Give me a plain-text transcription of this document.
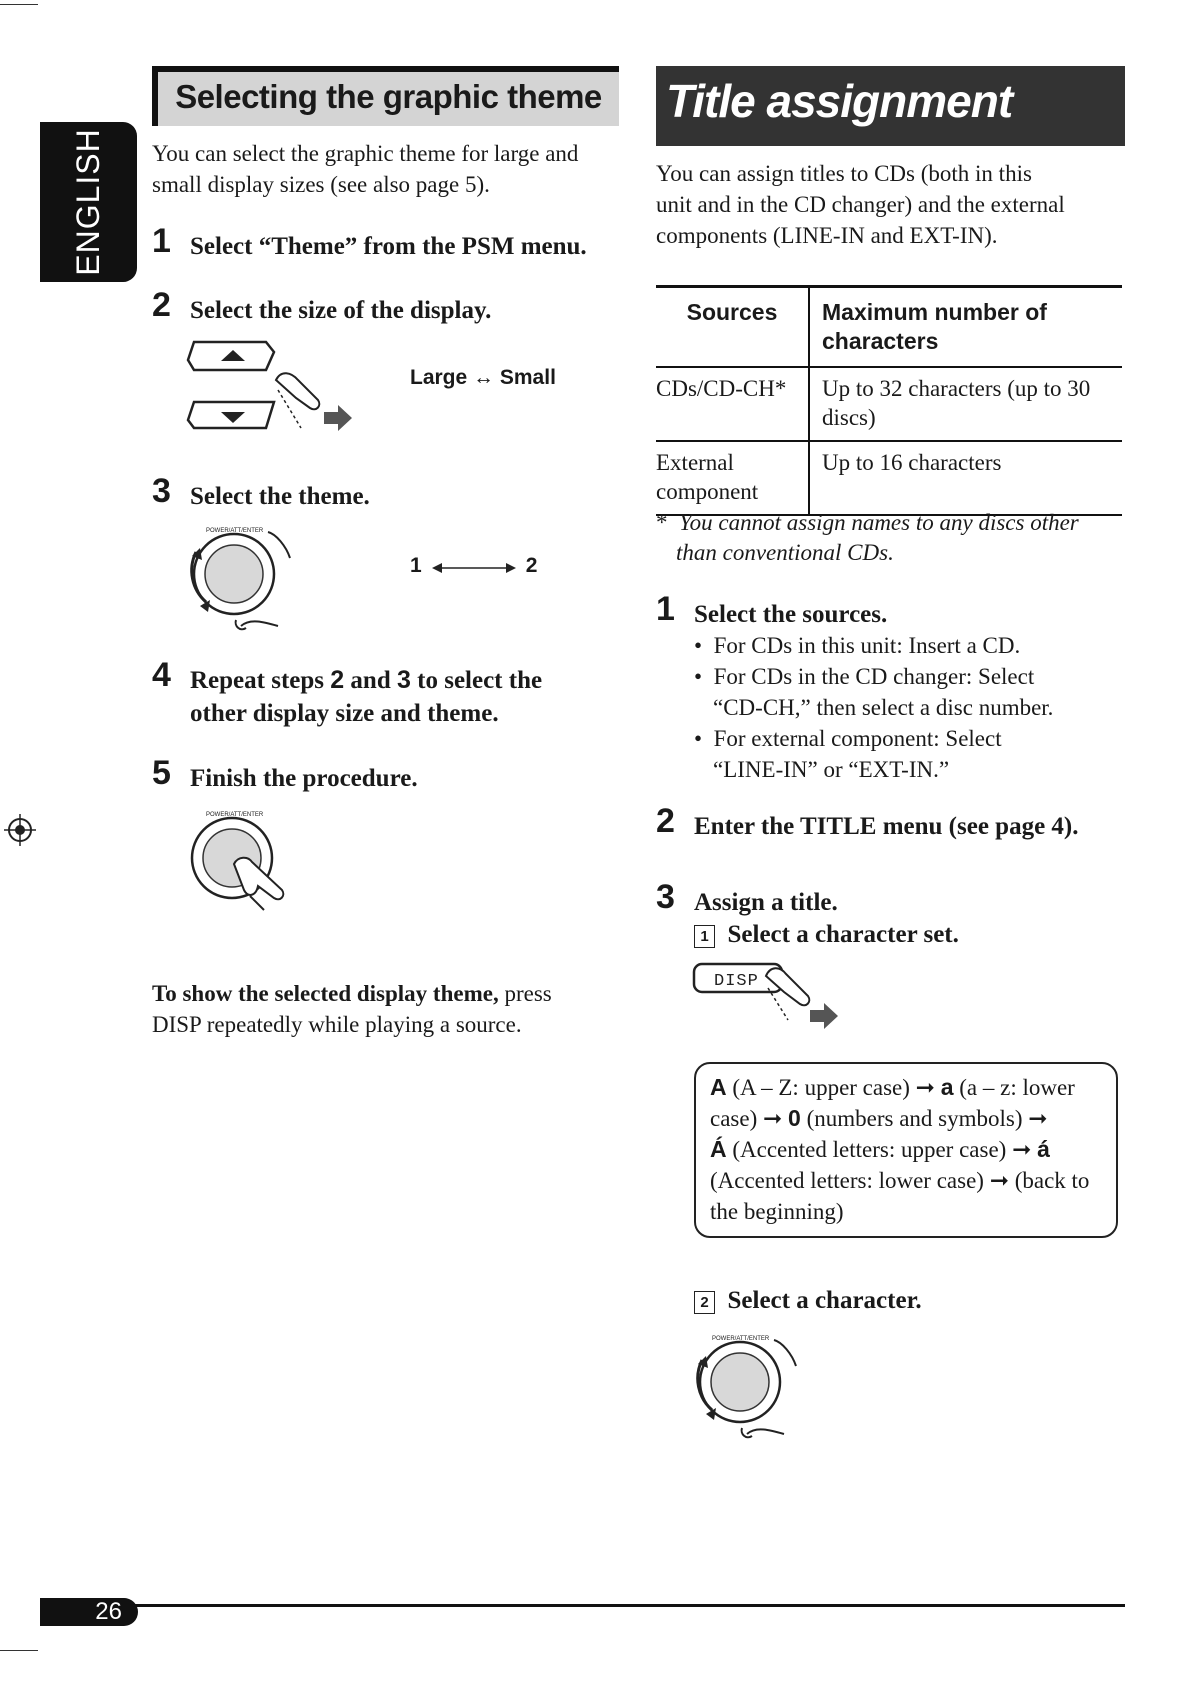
ENGLISH
Selecting the graphic theme
You can select the graphic theme for large and
small display sizes (see also page 5).
1 Select “Theme” from the PSM menu.
2 Select the size of the display.
Large ↔ Small
3 Select the theme.
POWER/ATT/ENTER
1	2
4 Repeat steps 2 and 3 to select the
other display size and theme.
5 Finish the procedure.
POWER/ATT/ENTER
To show the selected display theme, press
DISP repeatedly while playing a source.
Title assignment
You can assign titles to CDs (both in this
unit and in the CD changer) and the external
components (LINE-IN and EXT-IN).
Sources	Maximum number of characters
CDs/CD-CH*	Up to 32 characters (up to 30
discs)

External
component	Up to 16 characters
* You cannot assign names to any discs other
than conventional CDs.
1 Select the sources.
• For CDs in this unit: Insert a CD.
• For CDs in the CD changer: Select
“CD-CH,” then select a disc number.
• For external component: Select
“LINE-IN” or “EXT-IN.”
2 Enter the TITLE menu (see page 4).
3 Assign a title.
1 Select a character set.
DISP
A (A – Z: upper case) ➞ a (a – z: lower
case) ➞ 0 (numbers and symbols) ➞
Á (Accented letters: upper case) ➞ á
(Accented letters: lower case) ➞ (back to
the beginning)
2 Select a character.
POWER/ATT/ENTER
26
